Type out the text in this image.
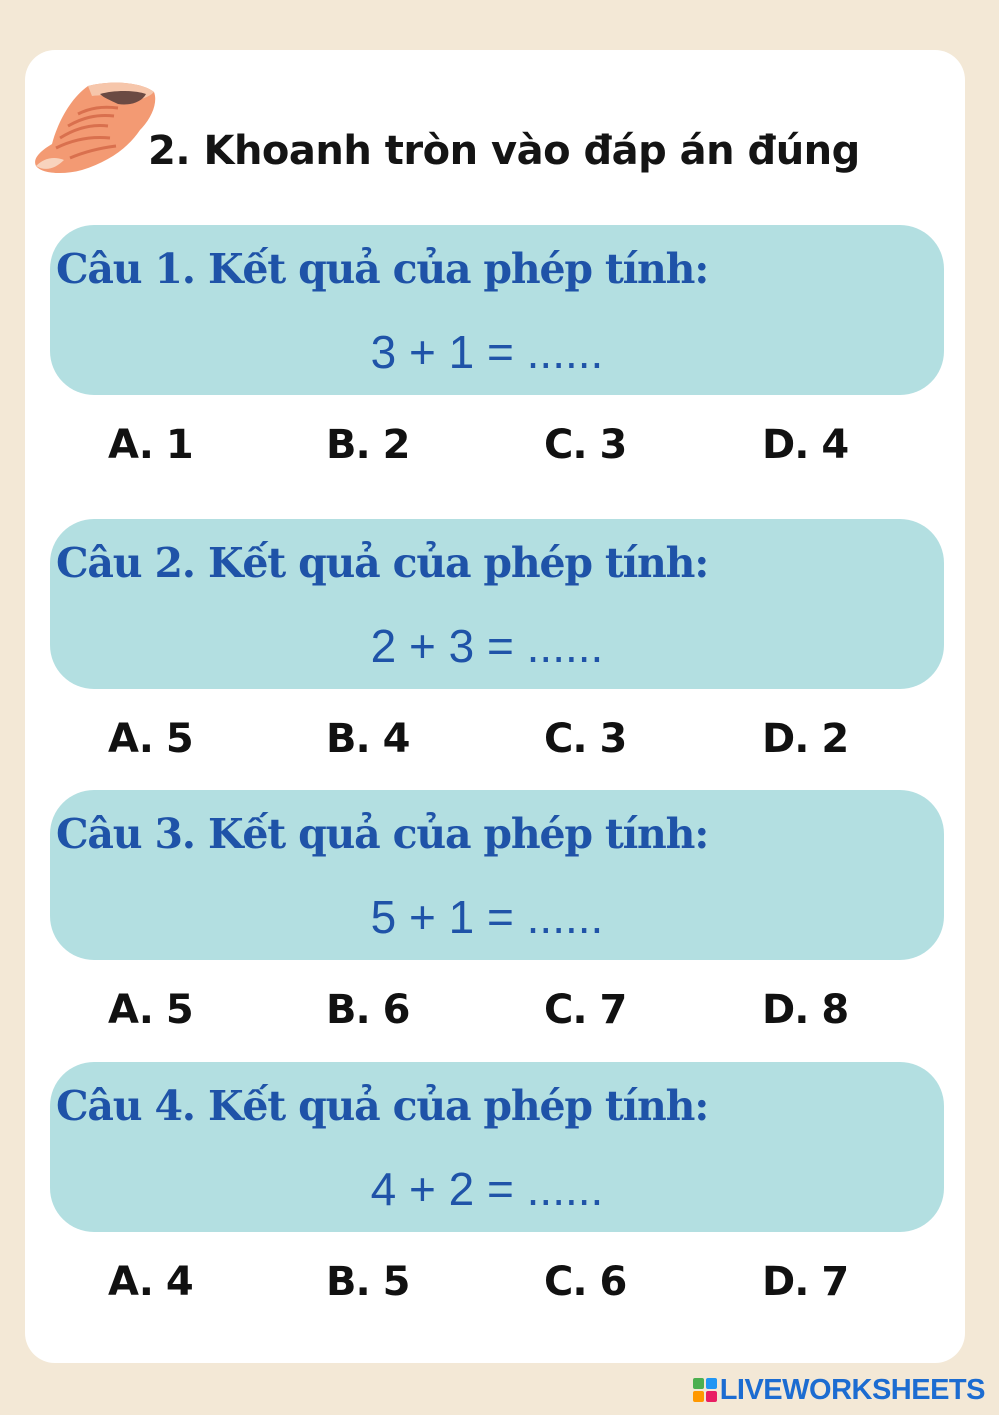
2. Khoanh tròn vào đáp án đúng
Câu 1. Kết quả của phép tính:
3 + 1 = ......
A. 1	B. 2	C. 3	D. 4
Câu 2. Kết quả của phép tính:
2 + 3 = ......
A. 5	B. 4	C. 3	D. 2
Câu 3. Kết quả của phép tính:
5 + 1 = ......
A. 5	B. 6	C. 7	D. 8
Câu 4. Kết quả của phép tính:
4 + 2 = ......
A. 4	B. 5	C. 6	D. 7
LIVEWORKSHEETS
